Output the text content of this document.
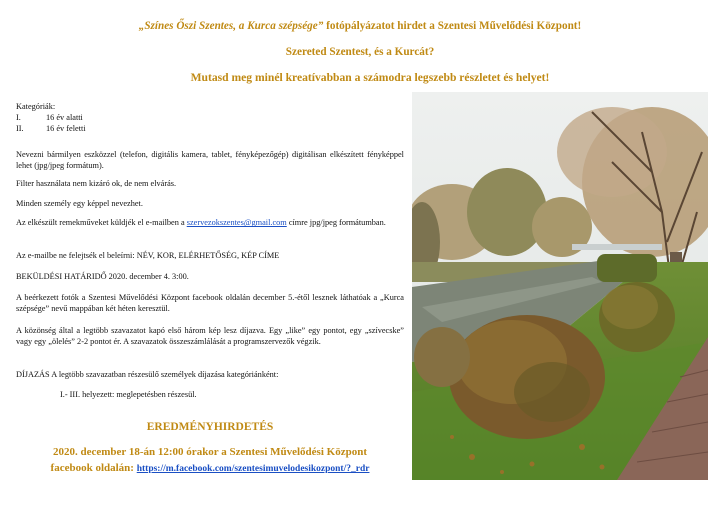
„Színes Őszi Szentes, a Kurca szépsége” fotópályázatot hirdet a Szentesi Művelődési Központ!
Szereted Szentest, és a Kurcát?
Mutasd meg minél kreatívabban a számodra legszebb részletet és helyet!
Kategóriák:
I.	16 év alatti
II.	16 év feletti

Nevezni bármilyen eszközzel (telefon, digitális kamera, tablet, fényképezőgép) digitálisan elkészített fényképpel lehet (jpg/jpeg formátum).

Filter használata nem kizáró ok, de nem elvárás.

Minden személy egy képpel nevezhet.

Az elkészült remekműveket küldjék el e-mailben a szervezokszentes@gmail.com címre jpg/jpeg formátumban.

Az e-mailbe ne felejtsék el beleírni: NÉV, KOR, ELÉRHETŐSÉG, KÉP CÍME

BEKÜLDÉSI HATÁRIDŐ 2020. december 4. 3:00.

A beérkezett fotók a Szentesi Művelődési Központ facebook oldalán december 5.-étől lesznek láthatóak a „Kurca szépsége” nevű mappában két héten keresztül.

A közönség által a legtöbb szavazatot kapó első három kép lesz díjazva. Egy „like” egy pontot, egy „szívecske” vagy egy „ölelés” 2-2 pontot ér. A szavazatok összeszámlálását a programszervezők végzik.

DÍJAZÁS A legtöbb szavazatban részesülő személyek díjazása kategóriánként:

I.- III. helyezett: meglepetésben részesül.

EREDMÉNYHIRDETÉS
2020. december 18-án 12:00 órakor a Szentesi Művelődési Központ
facebook oldalán: https://m.facebook.com/szentesimuvelodesikozpont/?_rdr
